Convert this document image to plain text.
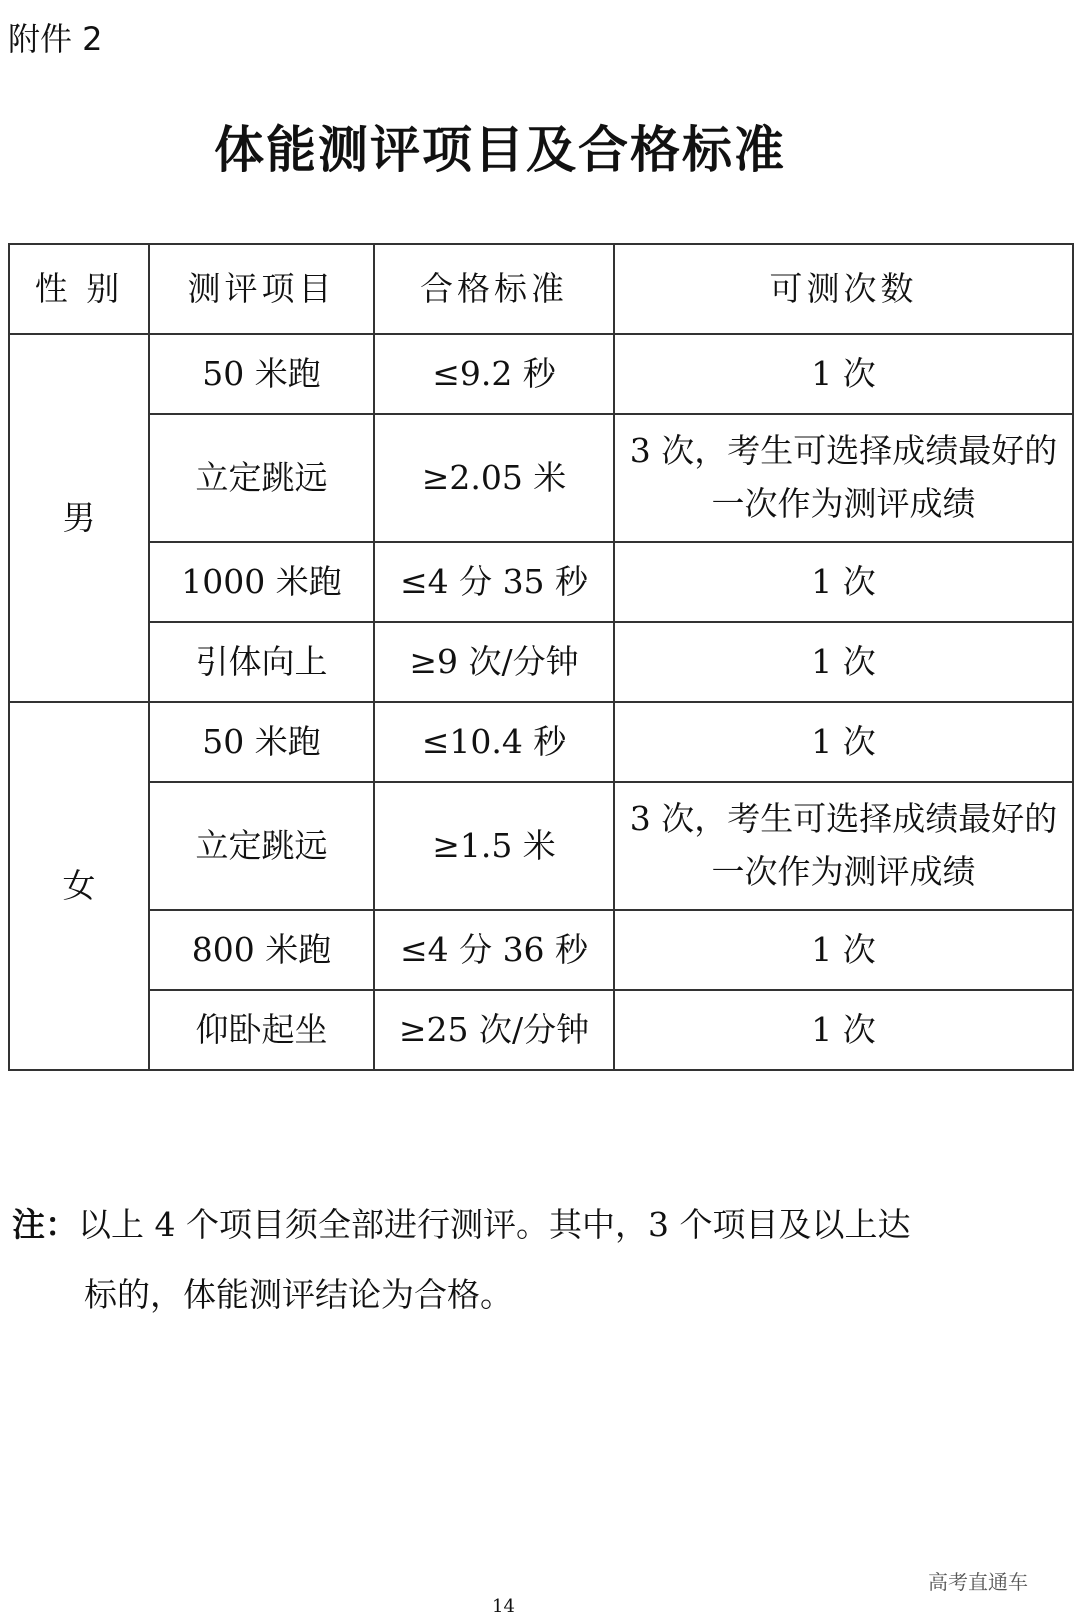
附件 2
体能测评项目及合格标准
性 别	测评项目	合格标准	可测次数
男	50 米跑	≤9.2 秒	1 次
	立定跳远	≥2.05 米	3 次，考生可选择成绩最好的一次作为测评成绩
	1000 米跑	≤4 分 35 秒	1 次
	引体向上	≥9 次/分钟	1 次
女	50 米跑	≤10.4 秒	1 次
	立定跳远	≥1.5 米	3 次，考生可选择成绩最好的一次作为测评成绩
	800 米跑	≤4 分 36 秒	1 次
	仰卧起坐	≥25 次/分钟	1 次
注：以上 4 个项目须全部进行测评。其中，3 个项目及以上达
标的，体能测评结论为合格。
高考直通车
14
